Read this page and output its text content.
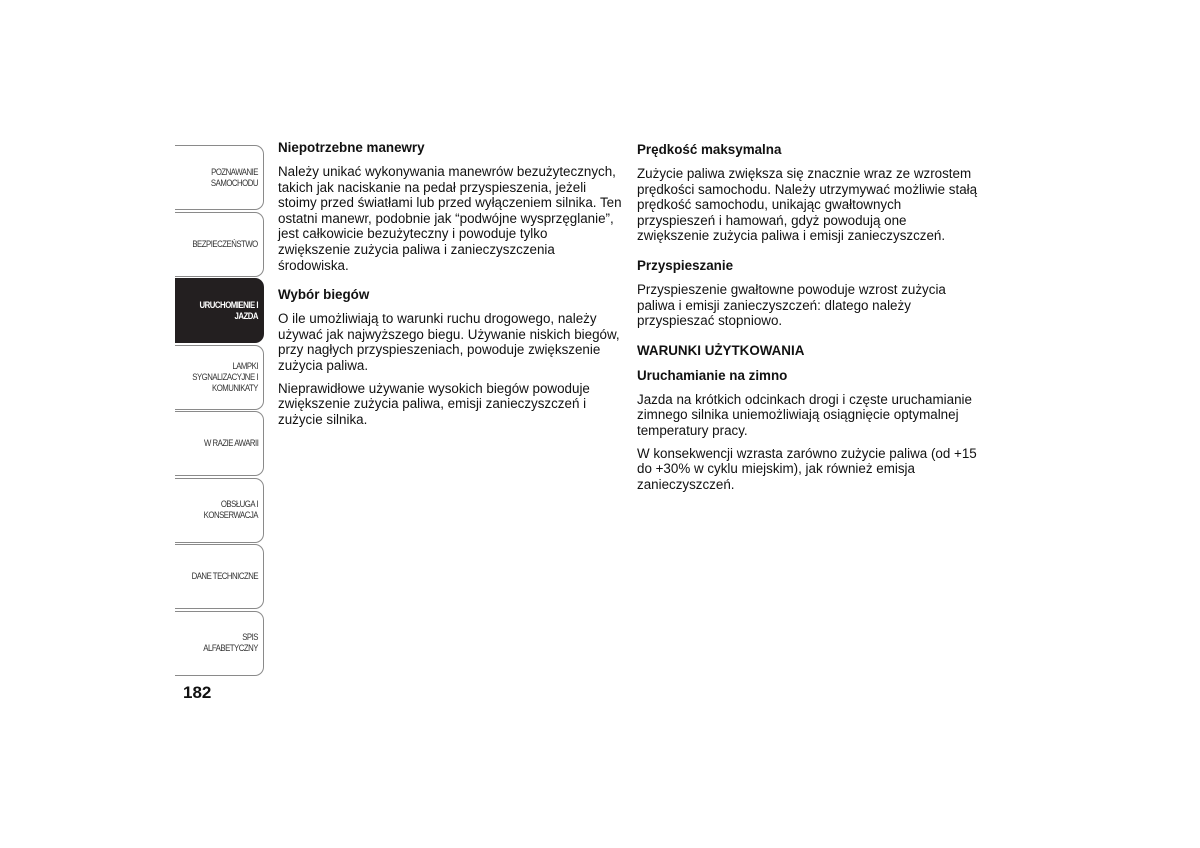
POZNAWANIE SAMOCHODU
BEZPIECZEŃSTWO
URUCHOMIENIE I JAZDA
LAMPKI SYGNALIZACYJNE I KOMUNIKATY
W RAZIE AWARII
OBSŁUGA I KONSERWACJA
DANE TECHNICZNE
SPIS ALFABETYCZNY
182
Niepotrzebne manewry

Należy unikać wykonywania manewrów bezużytecznych, takich jak naciskanie na pedał przyspieszenia, jeżeli stoimy przed światłami lub przed wyłączeniem silnika. Ten ostatni manewr, podobnie jak “podwójne wysprzęglanie”, jest całkowicie bezużyteczny i powoduje tylko zwiększenie zużycia paliwa i zanieczyszczenia środowiska.

Wybór biegów

O ile umożliwiają to warunki ruchu drogowego, należy używać jak najwyższego biegu. Używanie niskich biegów, przy nagłych przyspieszeniach, powoduje zwiększenie zużycia paliwa.

Nieprawidłowe używanie wysokich biegów powoduje zwiększenie zużycia paliwa, emisji zanieczyszczeń i zużycie silnika.

Prędkość maksymalna

Zużycie paliwa zwiększa się znacznie wraz ze wzrostem prędkości samochodu. Należy utrzymywać możliwie stałą prędkość samochodu, unikając gwałtownych przyspieszeń i hamowań, gdyż powodują one zwiększenie zużycia paliwa i emisji zanieczyszczeń.

Przyspieszanie

Przyspieszenie gwałtowne powoduje wzrost zużycia paliwa i emisji zanieczyszczeń: dlatego należy przyspieszać stopniowo.

WARUNKI UŻYTKOWANIA
Uruchamianie na zimno

Jazda na krótkich odcinkach drogi i częste uruchamianie zimnego silnika uniemożliwiają osiągnięcie optymalnej temperatury pracy.

W konsekwencji wzrasta zarówno zużycie paliwa (od +15 do +30% w cyklu miejskim), jak również emisja zanieczyszczeń.
